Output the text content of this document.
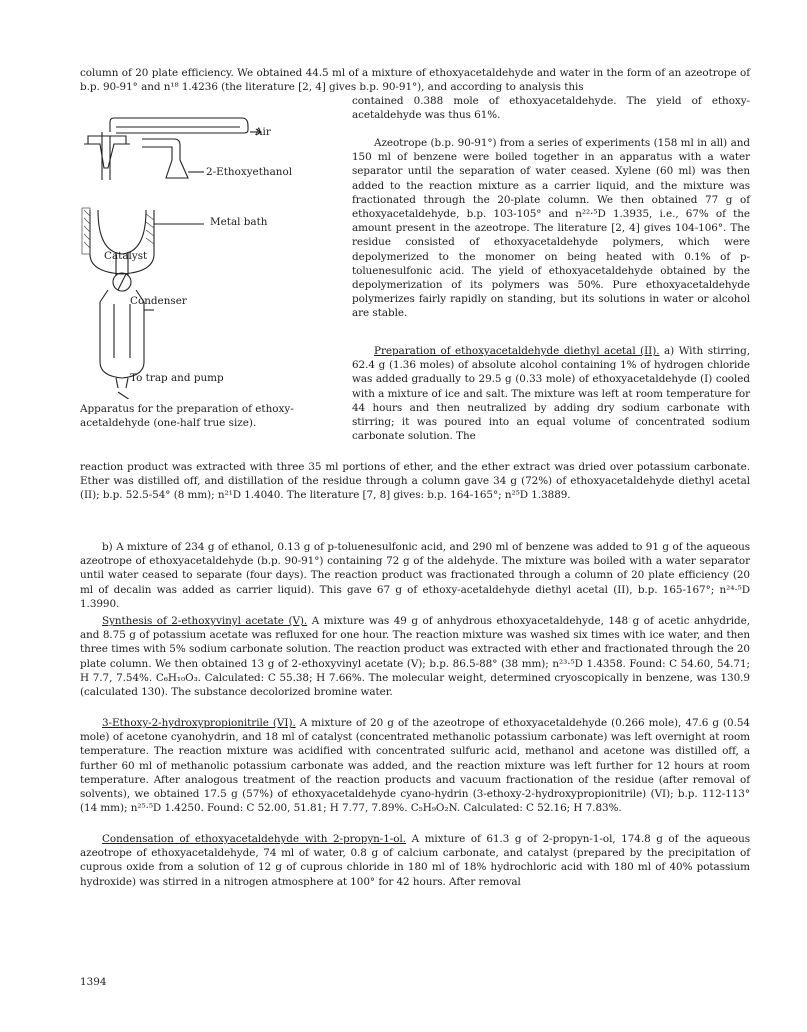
column of 20 plate efficiency. We obtained 44.5 ml of a mixture of ethoxyacetaldehyde and water in the form of an azeotrope of b.p. 90-91° and n¹⁸ 1.4236 (the literature [2, 4] gives b.p. 90-91°), and according to analysis this

contained 0.388 mole of ethoxyacetaldehyde. The yield of ethoxy-acetaldehyde was thus 61%.

Air
2-Ethoxyethanol
Metal bath
Catalyst
Condenser
To trap and pump

Apparatus for the preparation of ethoxy-acetaldehyde (one-half true size).

Azeotrope (b.p. 90-91°) from a series of experiments (158 ml in all) and 150 ml of benzene were boiled together in an apparatus with a water separator until the separation of water ceased. Xylene (60 ml) was then added to the reaction mixture as a carrier liquid, and the mixture was fractionated through the 20-plate column. We then obtained 77 g of ethoxyacetaldehyde, b.p. 103-105° and n²²·⁵D 1.3935, i.e., 67% of the amount present in the azeotrope. The literature [2, 4] gives 104-106°. The residue consisted of ethoxyacetaldehyde polymers, which were depolymerized to the monomer on being heated with 0.1% of p-toluenesulfonic acid. The yield of ethoxyacetaldehyde obtained by the depolymerization of its polymers was 50%. Pure ethoxyacetaldehyde polymerizes fairly rapidly on standing, but its solutions in water or alcohol are stable.

Preparation of ethoxyacetaldehyde diethyl acetal (II). a) With stirring, 62.4 g (1.36 moles) of absolute alcohol containing 1% of hydrogen chloride was added gradually to 29.5 g (0.33 mole) of ethoxyacetaldehyde (I) cooled with a mixture of ice and salt. The mixture was left at room temperature for 44 hours and then neutralized by adding dry sodium carbonate with stirring; it was poured into an equal volume of concentrated sodium carbonate solution. The

reaction product was extracted with three 35 ml portions of ether, and the ether extract was dried over potassium carbonate. Ether was distilled off, and distillation of the residue through a column gave 34 g (72%) of ethoxyacetaldehyde diethyl acetal (II); b.p. 52.5-54° (8 mm); n²¹D 1.4040. The literature [7, 8] gives: b.p. 164-165°; n²⁵D 1.3889.

b) A mixture of 234 g of ethanol, 0.13 g of p-toluenesulfonic acid, and 290 ml of benzene was added to 91 g of the aqueous azeotrope of ethoxyacetaldehyde (b.p. 90-91°) containing 72 g of the aldehyde. The mixture was boiled with a water separator until water ceased to separate (four days). The reaction product was fractionated through a column of 20 plate efficiency (20 ml of decalin was added as carrier liquid). This gave 67 g of ethoxy-acetaldehyde diethyl acetal (II), b.p. 165-167°; n²⁴·⁵D 1.3990.

Synthesis of 2-ethoxyvinyl acetate (V). A mixture was 49 g of anhydrous ethoxyacetaldehyde, 148 g of acetic anhydride, and 8.75 g of potassium acetate was refluxed for one hour. The reaction mixture was washed six times with ice water, and then three times with 5% sodium carbonate solution. The reaction product was extracted with ether and fractionated through the 20 plate column. We then obtained 13 g of 2-ethoxyvinyl acetate (V); b.p. 86.5-88° (38 mm); n²³·⁵D 1.4358. Found: C 54.60, 54.71; H 7.7, 7.54%. C₆H₁₀O₃. Calculated: C 55.38; H 7.66%. The molecular weight, determined cryoscopically in benzene, was 130.9 (calculated 130). The substance decolorized bromine water.

3-Ethoxy-2-hydroxypropionitrile (VI). A mixture of 20 g of the azeotrope of ethoxyacetaldehyde (0.266 mole), 47.6 g (0.54 mole) of acetone cyanohydrin, and 18 ml of catalyst (concentrated methanolic potassium carbonate) was left overnight at room temperature. The reaction mixture was acidified with concentrated sulfuric acid, methanol and acetone was distilled off, a further 60 ml of methanolic potassium carbonate was added, and the reaction mixture was left further for 12 hours at room temperature. After analogous treatment of the reaction products and vacuum fractionation of the residue (after removal of solvents), we obtained 17.5 g (57%) of ethoxyacetaldehyde cyano-hydrin (3-ethoxy-2-hydroxypropionitrile) (VI); b.p. 112-113° (14 mm); n²⁵·⁵D 1.4250. Found: C 52.00, 51.81; H 7.77, 7.89%. C₅H₉O₂N. Calculated: C 52.16; H 7.83%.

Condensation of ethoxyacetaldehyde with 2-propyn-1-ol. A mixture of 61.3 g of 2-propyn-1-ol, 174.8 g of the aqueous azeotrope of ethoxyacetaldehyde, 74 ml of water, 0.8 g of calcium carbonate, and catalyst (prepared by the precipitation of cuprous oxide from a solution of 12 g of cuprous chloride in 180 ml of 18% hydrochloric acid with 180 ml of 40% potassium hydroxide) was stirred in a nitrogen atmosphere at 100° for 42 hours. After removal

1394
